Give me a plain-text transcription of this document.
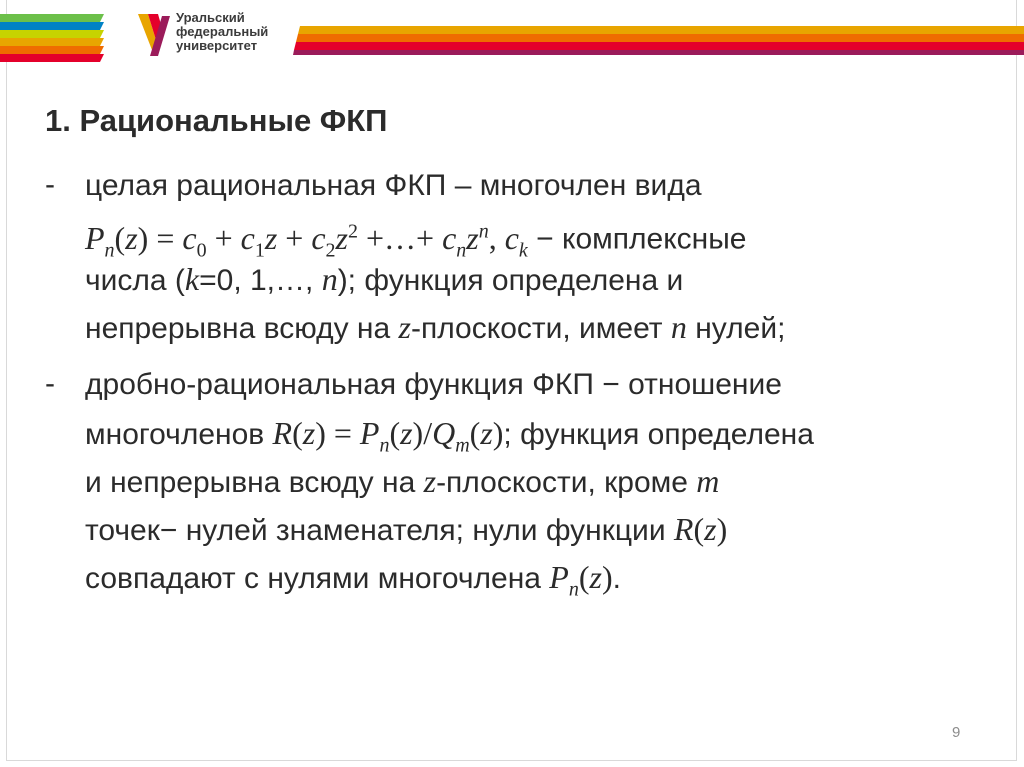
Уральский
федеральный
университет
1. Рациональные ФКП
- целая рациональная ФКП – многочлен вида
$P_n(z) = c_0 + c_1z + c_2z^2$ +…+ $c_nz^n$, $c_k$ − комплексные
числа (k=0, 1,…, n); функция определена и
непрерывна всюду на z-плоскости, имеет n нулей;
- дробно-рациональная функция ФКП − отношение
многочленов $R(z) = P_n(z)/Q_m(z)$; функция определена
и непрерывна всюду на z-плоскости, кроме m
точек− нулей знаменателя; нули функции R(z)
совпадают с нулями многочлена $P_n(z)$.
9
